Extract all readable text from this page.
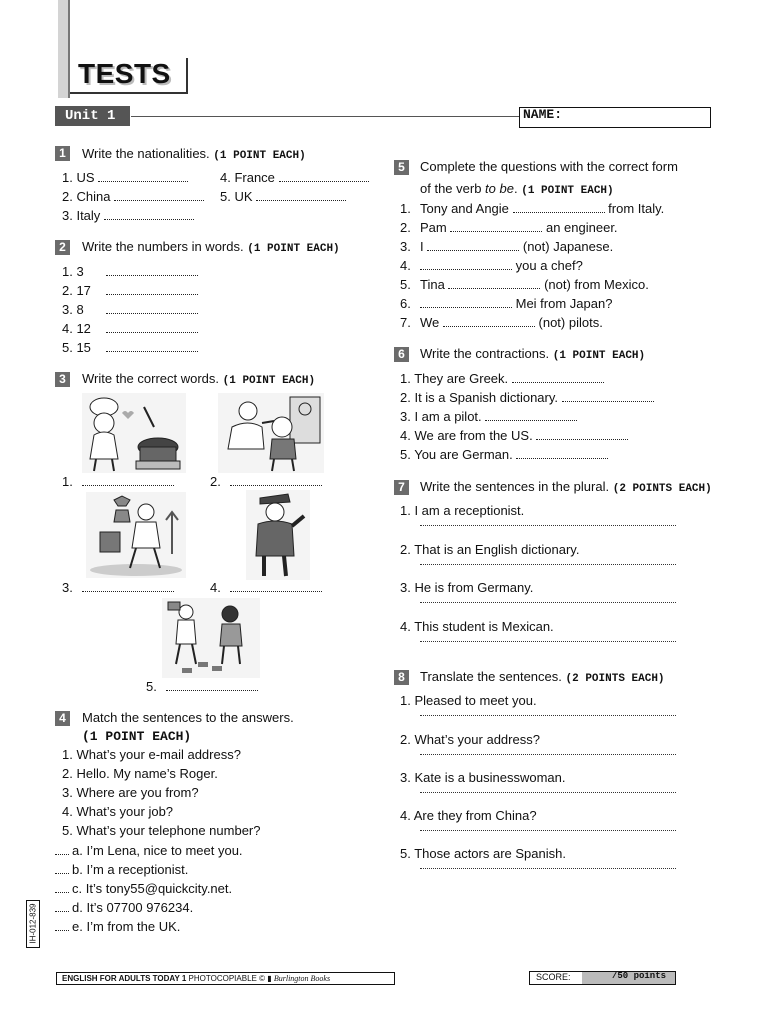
TESTS
Unit 1	NAME:
1	Write the nationalities. (1 POINT EACH)
1. US
2. China
3. Italy
4. France
5. UK
2	Write the numbers in words. (1 POINT EACH)
1. 3
2. 17
3. 8
4. 12
5. 15
3	Write the correct words. (1 POINT EACH)
1.	2.
3.	4.
5.
4	Match the sentences to the answers.
(1 POINT EACH)
1. What’s your e-mail address?
2. Hello. My name’s Roger.
3. Where are you from?
4. What’s your job?
5. What’s your telephone number?
a. I’m Lena, nice to meet you.
b. I’m a receptionist.
c. It’s tony55@quickcity.net.
d. It’s 07700 976234.
e. I’m from the UK.
5	Complete the questions with the correct form
of the verb to be. (1 POINT EACH)
1. Tony and Angie	from Italy.
2. Pam	an engineer.
3. I	(not) Japanese.
4.	you a chef?
5. Tina	(not) from Mexico.
6.	Mei from Japan?
7. We	(not) pilots.
6	Write the contractions. (1 POINT EACH)
1. They are Greek.
2. It is a Spanish dictionary.
3. I am a pilot.
4. We are from the US.
5. You are German.
7	Write the sentences in the plural. (2 POINTS EACH)
1. I am a receptionist.
2. That is an English dictionary.
3. He is from Germany.
4. This student is Mexican.
8	Translate the sentences. (2 POINTS EACH)
1. Pleased to meet you.
2. What’s your address?
3. Kate is a businesswoman.
4. Are they from China?
5. Those actors are Spanish.
IH-012-839
ENGLISH FOR ADULTS TODAY 1 PHOTOCOPIABLE © ▮ Burlington Books	SCORE:	/50 points
